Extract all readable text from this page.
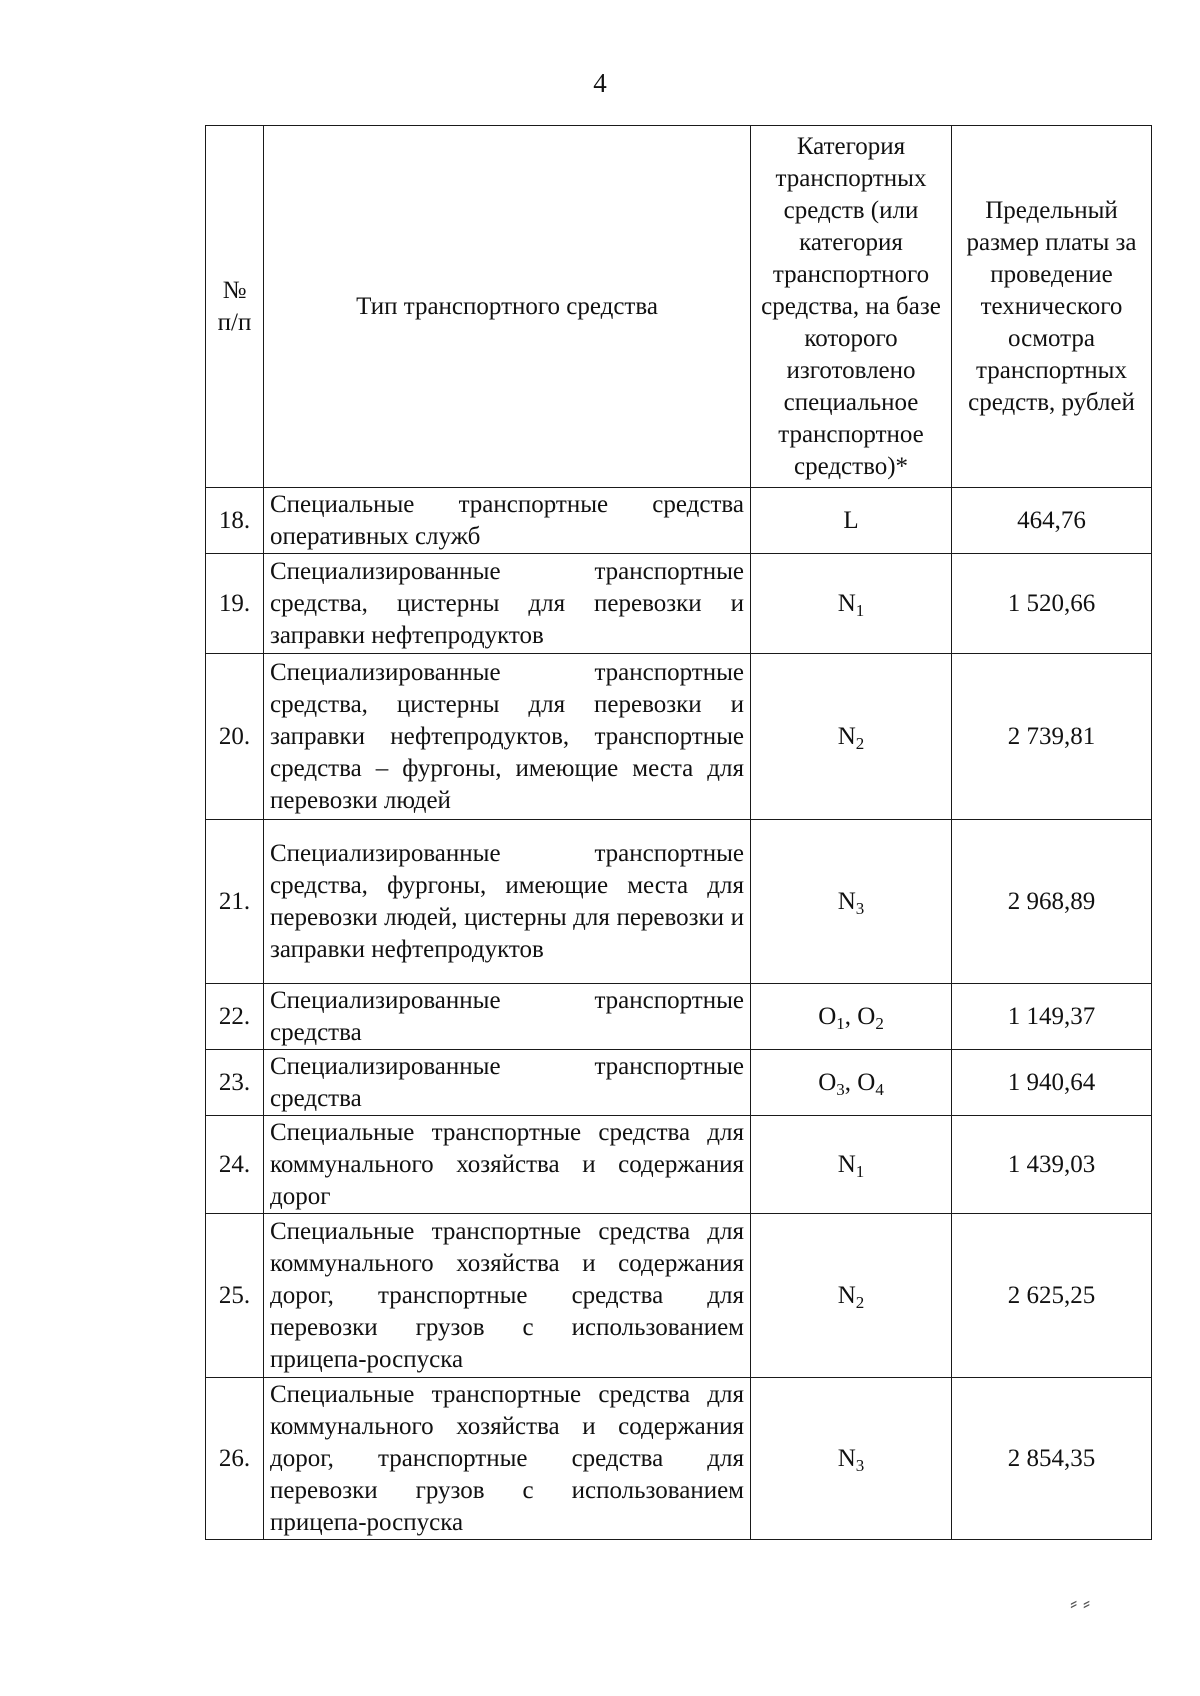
4
№ п/п	Тип транспортного средства	Категория транспортных средств (или категория транспортного средства, на базе которого изготовлено специальное транспортное средство)*	Предельный размер платы за проведение технического осмотра транспортных средств, рублей

18.	Специальные транспортные средства оперативных служб	L	464,76
19.	Специализированные транспортные средства, цистерны для перевозки и заправки нефтепродуктов	$N_1$	1 520,66
20.	Специализированные транспортные средства, цистерны для перевозки и заправки нефтепродуктов, транспортные средства – фургоны, имеющие места для перевозки людей	$N_2$	2 739,81
21.	Специализированные транспортные средства, фургоны, имеющие места для перевозки людей, цистерны для перевозки и заправки нефтепродуктов	$N_3$	2 968,89
22.	Специализированные транспортные средства	$O_1$, $O_2$	1 149,37
23.	Специализированные транспортные средства	$O_3$, $O_4$	1 940,64
24.	Специальные транспортные средства для коммунального хозяйства и содержания дорог	$N_1$	1 439,03
25.	Специальные транспортные средства для коммунального хозяйства и содержания дорог, транспортные средства для перевозки грузов с использованием прицепа-роспуска	$N_2$	2 625,25
26.	Специальные транспортные средства для коммунального хозяйства и содержания дорог, транспортные средства для перевозки грузов с использованием прицепа-роспуска	$N_3$	2 854,35
⸗ ⸗
